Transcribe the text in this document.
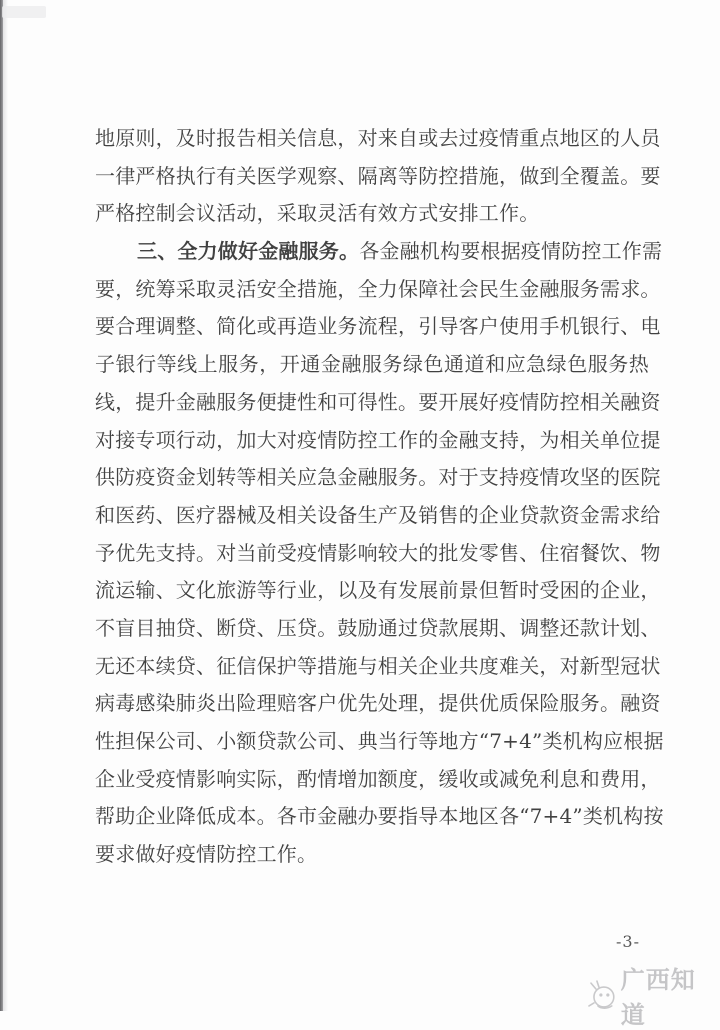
地原则，及时报告相关信息，对来自或去过疫情重点地区的人员
一律严格执行有关医学观察、隔离等防控措施，做到全覆盖。要
严格控制会议活动，采取灵活有效方式安排工作。
三、全力做好金融服务。各金融机构要根据疫情防控工作需
要，统筹采取灵活安全措施，全力保障社会民生金融服务需求。
要合理调整、简化或再造业务流程，引导客户使用手机银行、电
子银行等线上服务，开通金融服务绿色通道和应急绿色服务热
线，提升金融服务便捷性和可得性。要开展好疫情防控相关融资
对接专项行动，加大对疫情防控工作的金融支持，为相关单位提
供防疫资金划转等相关应急金融服务。对于支持疫情攻坚的医院
和医药、医疗器械及相关设备生产及销售的企业贷款资金需求给
予优先支持。对当前受疫情影响较大的批发零售、住宿餐饮、物
流运输、文化旅游等行业，以及有发展前景但暂时受困的企业，
不盲目抽贷、断贷、压贷。鼓励通过贷款展期、调整还款计划、
无还本续贷、征信保护等措施与相关企业共度难关，对新型冠状
病毒感染肺炎出险理赔客户优先处理，提供优质保险服务。融资
性担保公司、小额贷款公司、典当行等地方“7+4”类机构应根据
企业受疫情影响实际，酌情增加额度，缓收或减免利息和费用，
帮助企业降低成本。各市金融办要指导本地区各“7+4”类机构按
要求做好疫情防控工作。
-3-
广西知道
